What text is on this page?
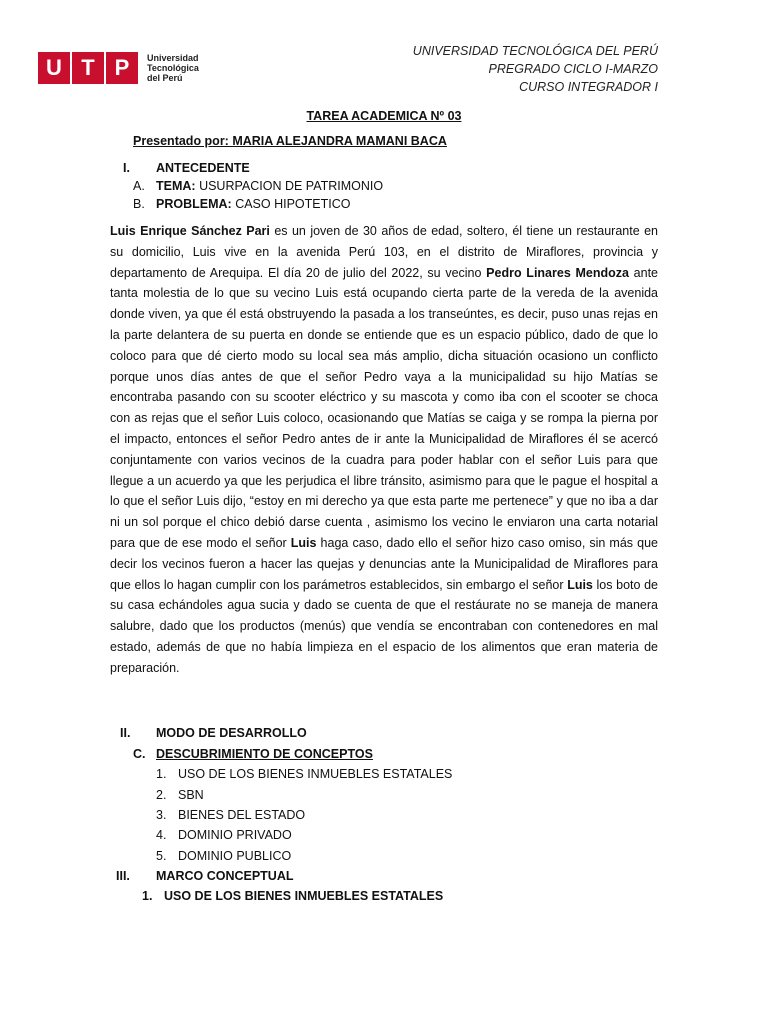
U T P	Universidad
Tecnológica
del Perú
UNIVERSIDAD TECNOLÓGICA DEL PERÚ
PREGRADO CICLO I-MARZO
CURSO INTEGRADOR I
TAREA ACADEMICA Nº 03
Presentado por: MARIA ALEJANDRA MAMANI BACA
I. ANTECEDENTE
A. TEMA: USURPACION DE PATRIMONIO
B. PROBLEMA: CASO HIPOTETICO
Luis Enrique Sánchez Pari es un joven de 30 años de edad, soltero, él tiene un restaurante en su domicilio, Luis vive en la avenida Perú 103, en el distrito de Miraflores, provincia y departamento de Arequipa. El día 20 de julio del 2022, su vecino Pedro Linares Mendoza ante tanta molestia de lo que su vecino Luis está ocupando cierta parte de la vereda de la avenida donde viven, ya que él está obstruyendo la pasada a los transeúntes, es decir, puso unas rejas en la parte delantera de su puerta en donde se entiende que es un espacio público, dado de que lo coloco para que dé cierto modo su local sea más amplio, dicha situación ocasiono un conflicto porque unos días antes de que el señor Pedro vaya a la municipalidad su hijo Matías se encontraba pasando con su scooter eléctrico y su mascota y como iba con el scooter se choca con as rejas que el señor Luis coloco, ocasionando que Matías se caiga y se rompa la pierna por el impacto, entonces el señor Pedro antes de ir ante la Municipalidad de Miraflores él se acercó conjuntamente con varios vecinos de la cuadra para poder hablar con el señor Luis para que llegue a un acuerdo ya que les perjudica el libre tránsito, asimismo para que le pague el hospital a lo que el señor Luis dijo, “estoy en mi derecho ya que esta parte me pertenece” y que no iba a dar ni un sol porque el chico debió darse cuenta , asimismo los vecino le enviaron una carta notarial para que de ese modo el señor Luis haga caso, dado ello el señor hizo caso omiso, sin más que decir los vecinos fueron a hacer las quejas y denuncias ante la Municipalidad de Miraflores para que ellos lo hagan cumplir con los parámetros establecidos, sin embargo el señor Luis los boto de su casa echándoles agua sucia y dado se cuenta de que el restáurate no se maneja de manera salubre, dado que los productos (menús) que vendía se encontraban con contenedores en mal estado, además de que no había limpieza en el espacio de los alimentos que eran materia de preparación.
II. MODO DE DESARROLLO
C. DESCUBRIMIENTO DE CONCEPTOS
1. USO DE LOS BIENES INMUEBLES ESTATALES
2. SBN
3. BIENES DEL ESTADO
4. DOMINIO PRIVADO
5. DOMINIO PUBLICO
III. MARCO CONCEPTUAL
1. USO DE LOS BIENES INMUEBLES ESTATALES
